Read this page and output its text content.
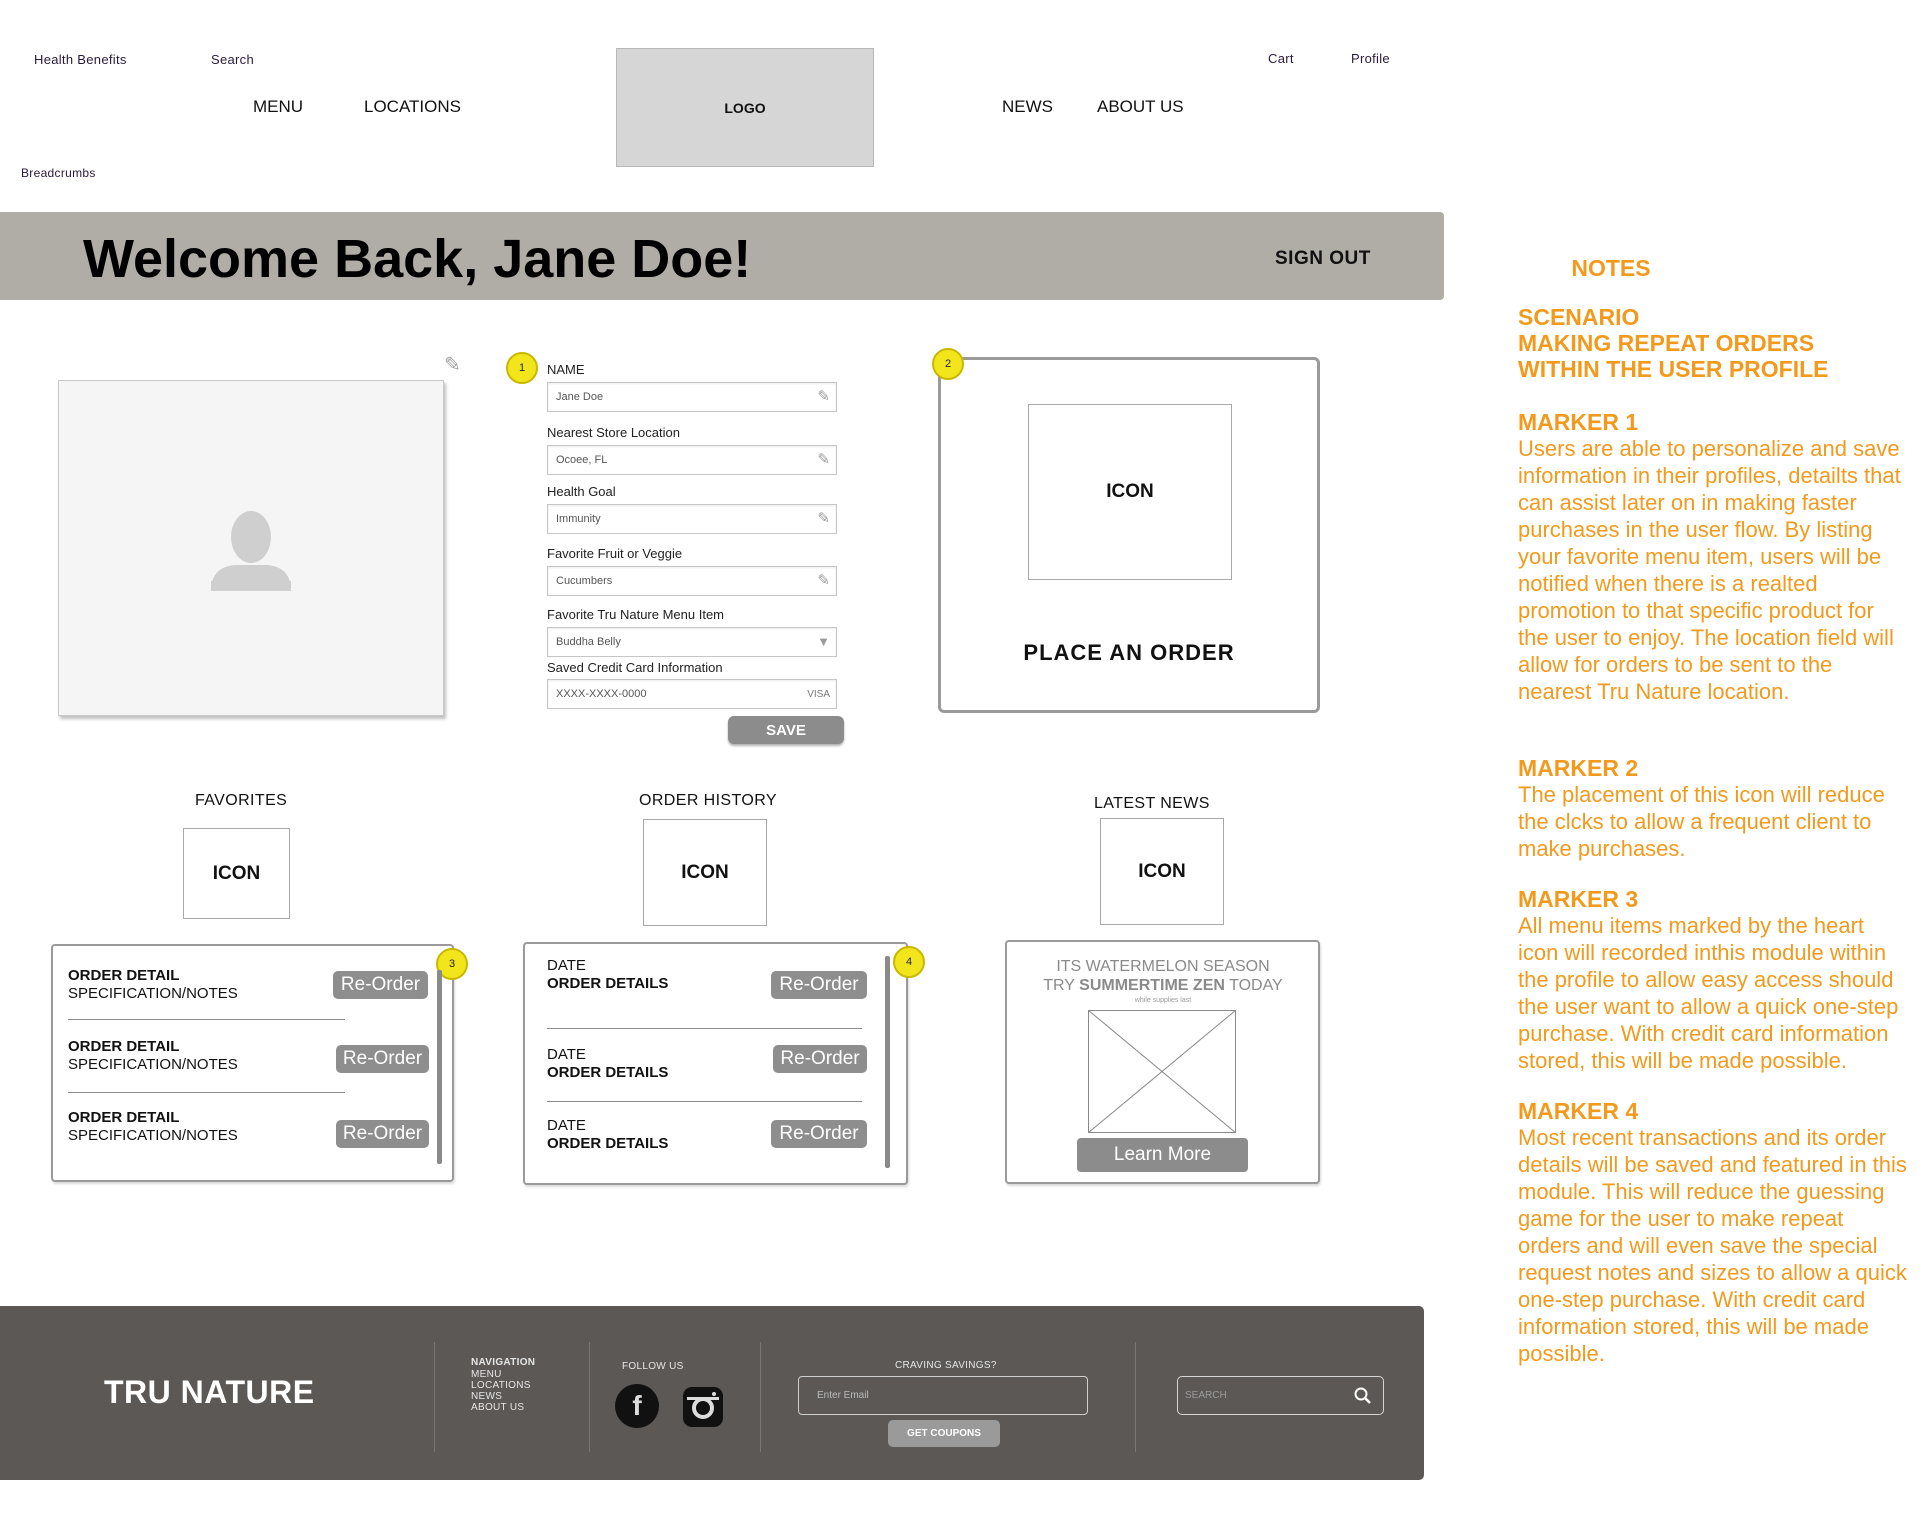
Health Benefits	Search	Cart	Profile
MENU	LOCATIONS	LOGO	NEWS	ABOUT US
Breadcrumbs
Welcome Back, Jane Doe!	SIGN OUT
✎	1 NAME
Jane Doe	✎
Nearest Store Location
Ocoee, FL	✎
Health Goal
Immunity	✎
Favorite Fruit or Veggie
Cucumbers	✎
Favorite Tru Nature Menu Item
Buddha Belly	▼
Saved Credit Card Information
XXXX-XXXX-0000	VISA
SAVE
2
ICON
PLACE AN ORDER
FAVORITES
ICON
3
ORDER DETAIL
SPECIFICATION/NOTES	Re-Order
ORDER DETAIL
SPECIFICATION/NOTES	Re-Order
ORDER DETAIL
SPECIFICATION/NOTES	Re-Order
ORDER HISTORY
ICON
4
DATE
ORDER DETAILS	Re-Order
DATE
ORDER DETAILS
Re-Order
DATE
ORDER DETAILS	Re-Order
LATEST NEWS
ICON
ITS WATERMELON SEASON
TRY SUMMERTIME ZEN TODAY
while supplies last
Learn More
TRU NATURE
NAVIGATION
MENU
LOCATIONS
NEWS
ABOUT US
FOLLOW US
f
CRAVING SAVINGS?
Enter Email
GET COUPONS
SEARCH
NOTES
SCENARIO
MAKING REPEAT ORDERS
WITHIN THE USER PROFILE
MARKER 1
Users are able to personalize and save information in their profiles, detailts that can assist later on in making faster purchases in the user flow. By listing your favorite menu item, users will be notified when there is a realted promotion to that specific product for the user to enjoy. The location field will allow for orders to be sent to the nearest Tru Nature location.
MARKER 2
The placement of this icon will reduce the clcks to allow a frequent client to make purchases.
MARKER 3
All menu items marked by the heart icon will recorded inthis module within the profile to allow easy access should the user want to allow a quick one-step purchase. With credit card information stored, this will be made possible.
MARKER 4
Most recent transactions and its order details will be saved and featured in this module. This will reduce the guessing game for the user to make repeat orders and will even save the special request notes and sizes to allow a quick one-step purchase. With credit card information stored, this will be made possible.
